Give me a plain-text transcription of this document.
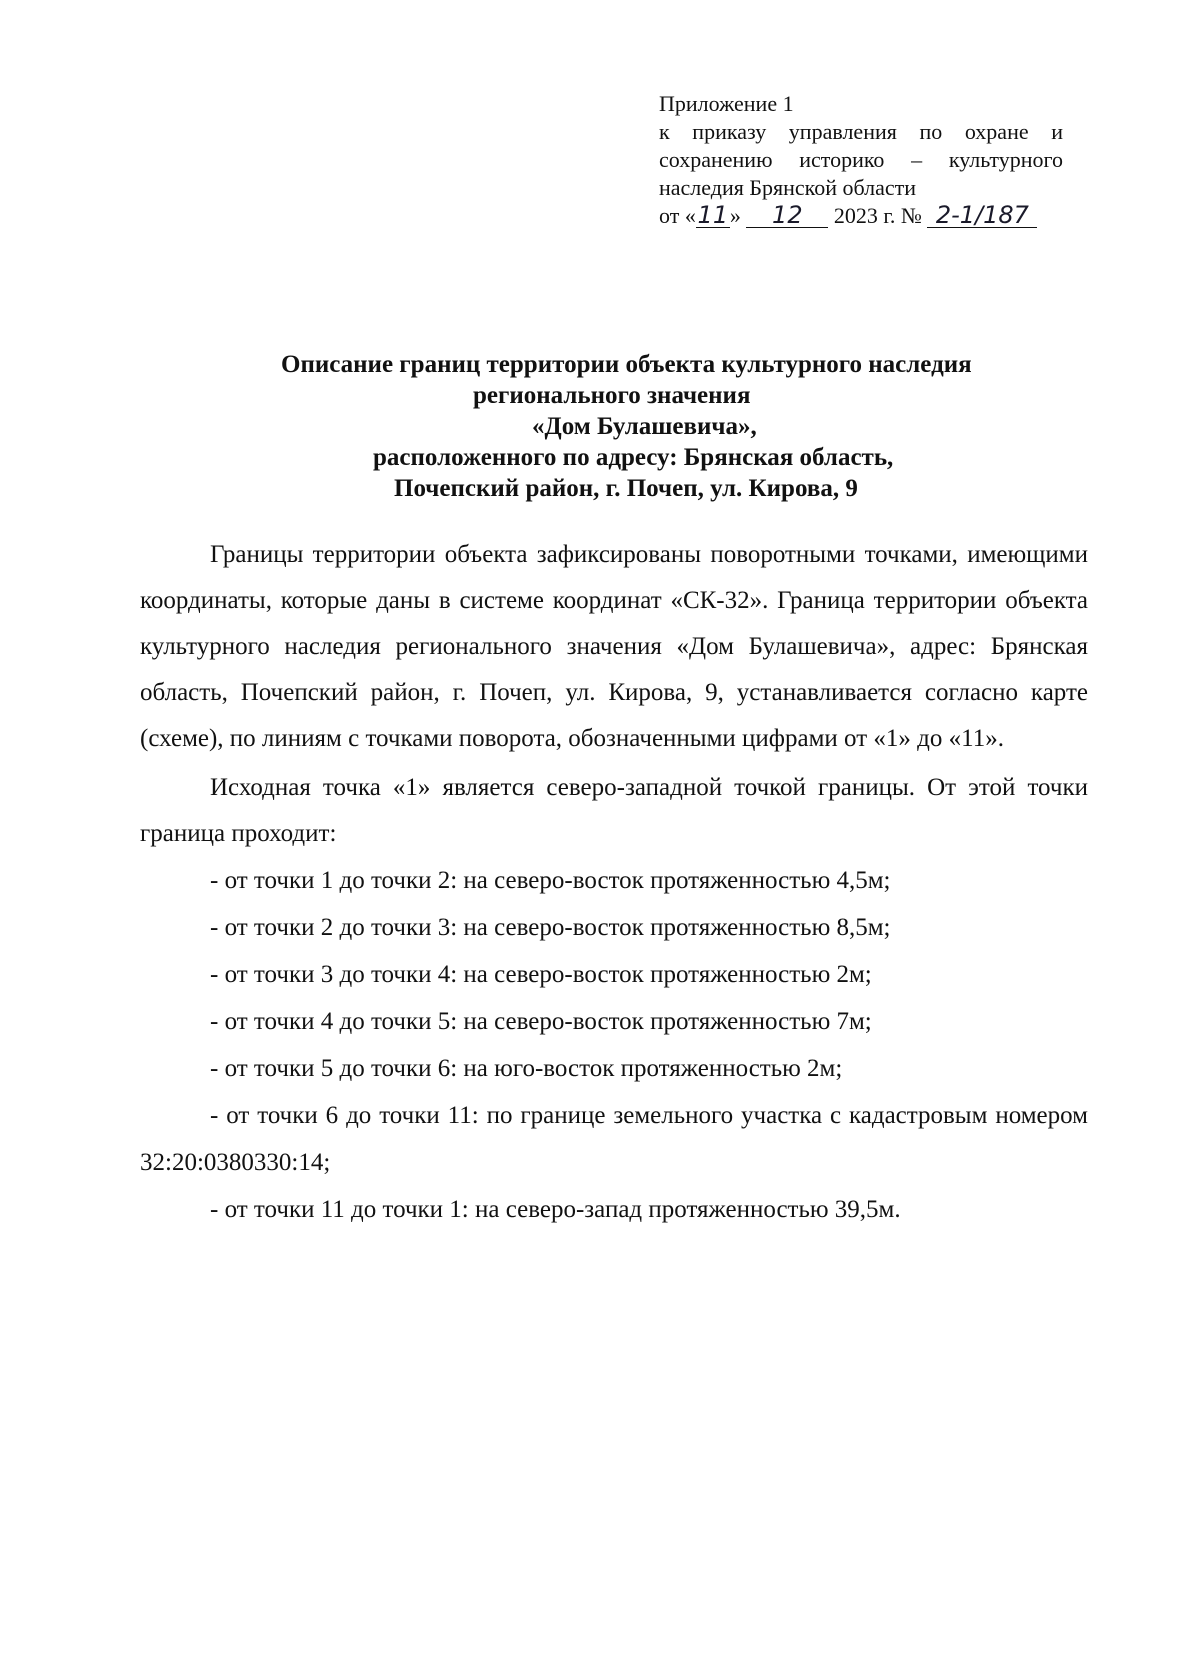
Приложение 1
к приказу управления по охране и
сохранению историко – культурного
наследия Брянской области
от «11» 12 2023 г. № 2-1/187
Описание границ территории объекта культурного наследия
регионального значения
«Дом Булашевича»,
расположенного по адресу: Брянская область,
Почепский район, г. Почеп, ул. Кирова, 9

Границы территории объекта зафиксированы поворотными точками, имеющими координаты, которые даны в системе координат «СК-32». Граница территории объекта культурного наследия регионального значения «Дом Булашевича», адрес: Брянская область, Почепский район, г. Почеп, ул. Кирова, 9, устанавливается согласно карте (схеме), по линиям с точками поворота, обозначенными цифрами от «1» до «11».

Исходная точка «1» является северо-западной точкой границы. От этой точки граница проходит:

- от точки 1 до точки 2: на северо-восток протяженностью 4,5м;

- от точки 2 до точки 3: на северо-восток протяженностью 8,5м;

- от точки 3 до точки 4: на северо-восток протяженностью 2м;

- от точки 4 до точки 5: на северо-восток протяженностью 7м;

- от точки 5 до точки 6: на юго-восток протяженностью 2м;

- от точки 6 до точки 11: по границе земельного участка с кадастровым номером 32:20:0380330:14;

- от точки 11 до точки 1: на северо-запад протяженностью 39,5м.
